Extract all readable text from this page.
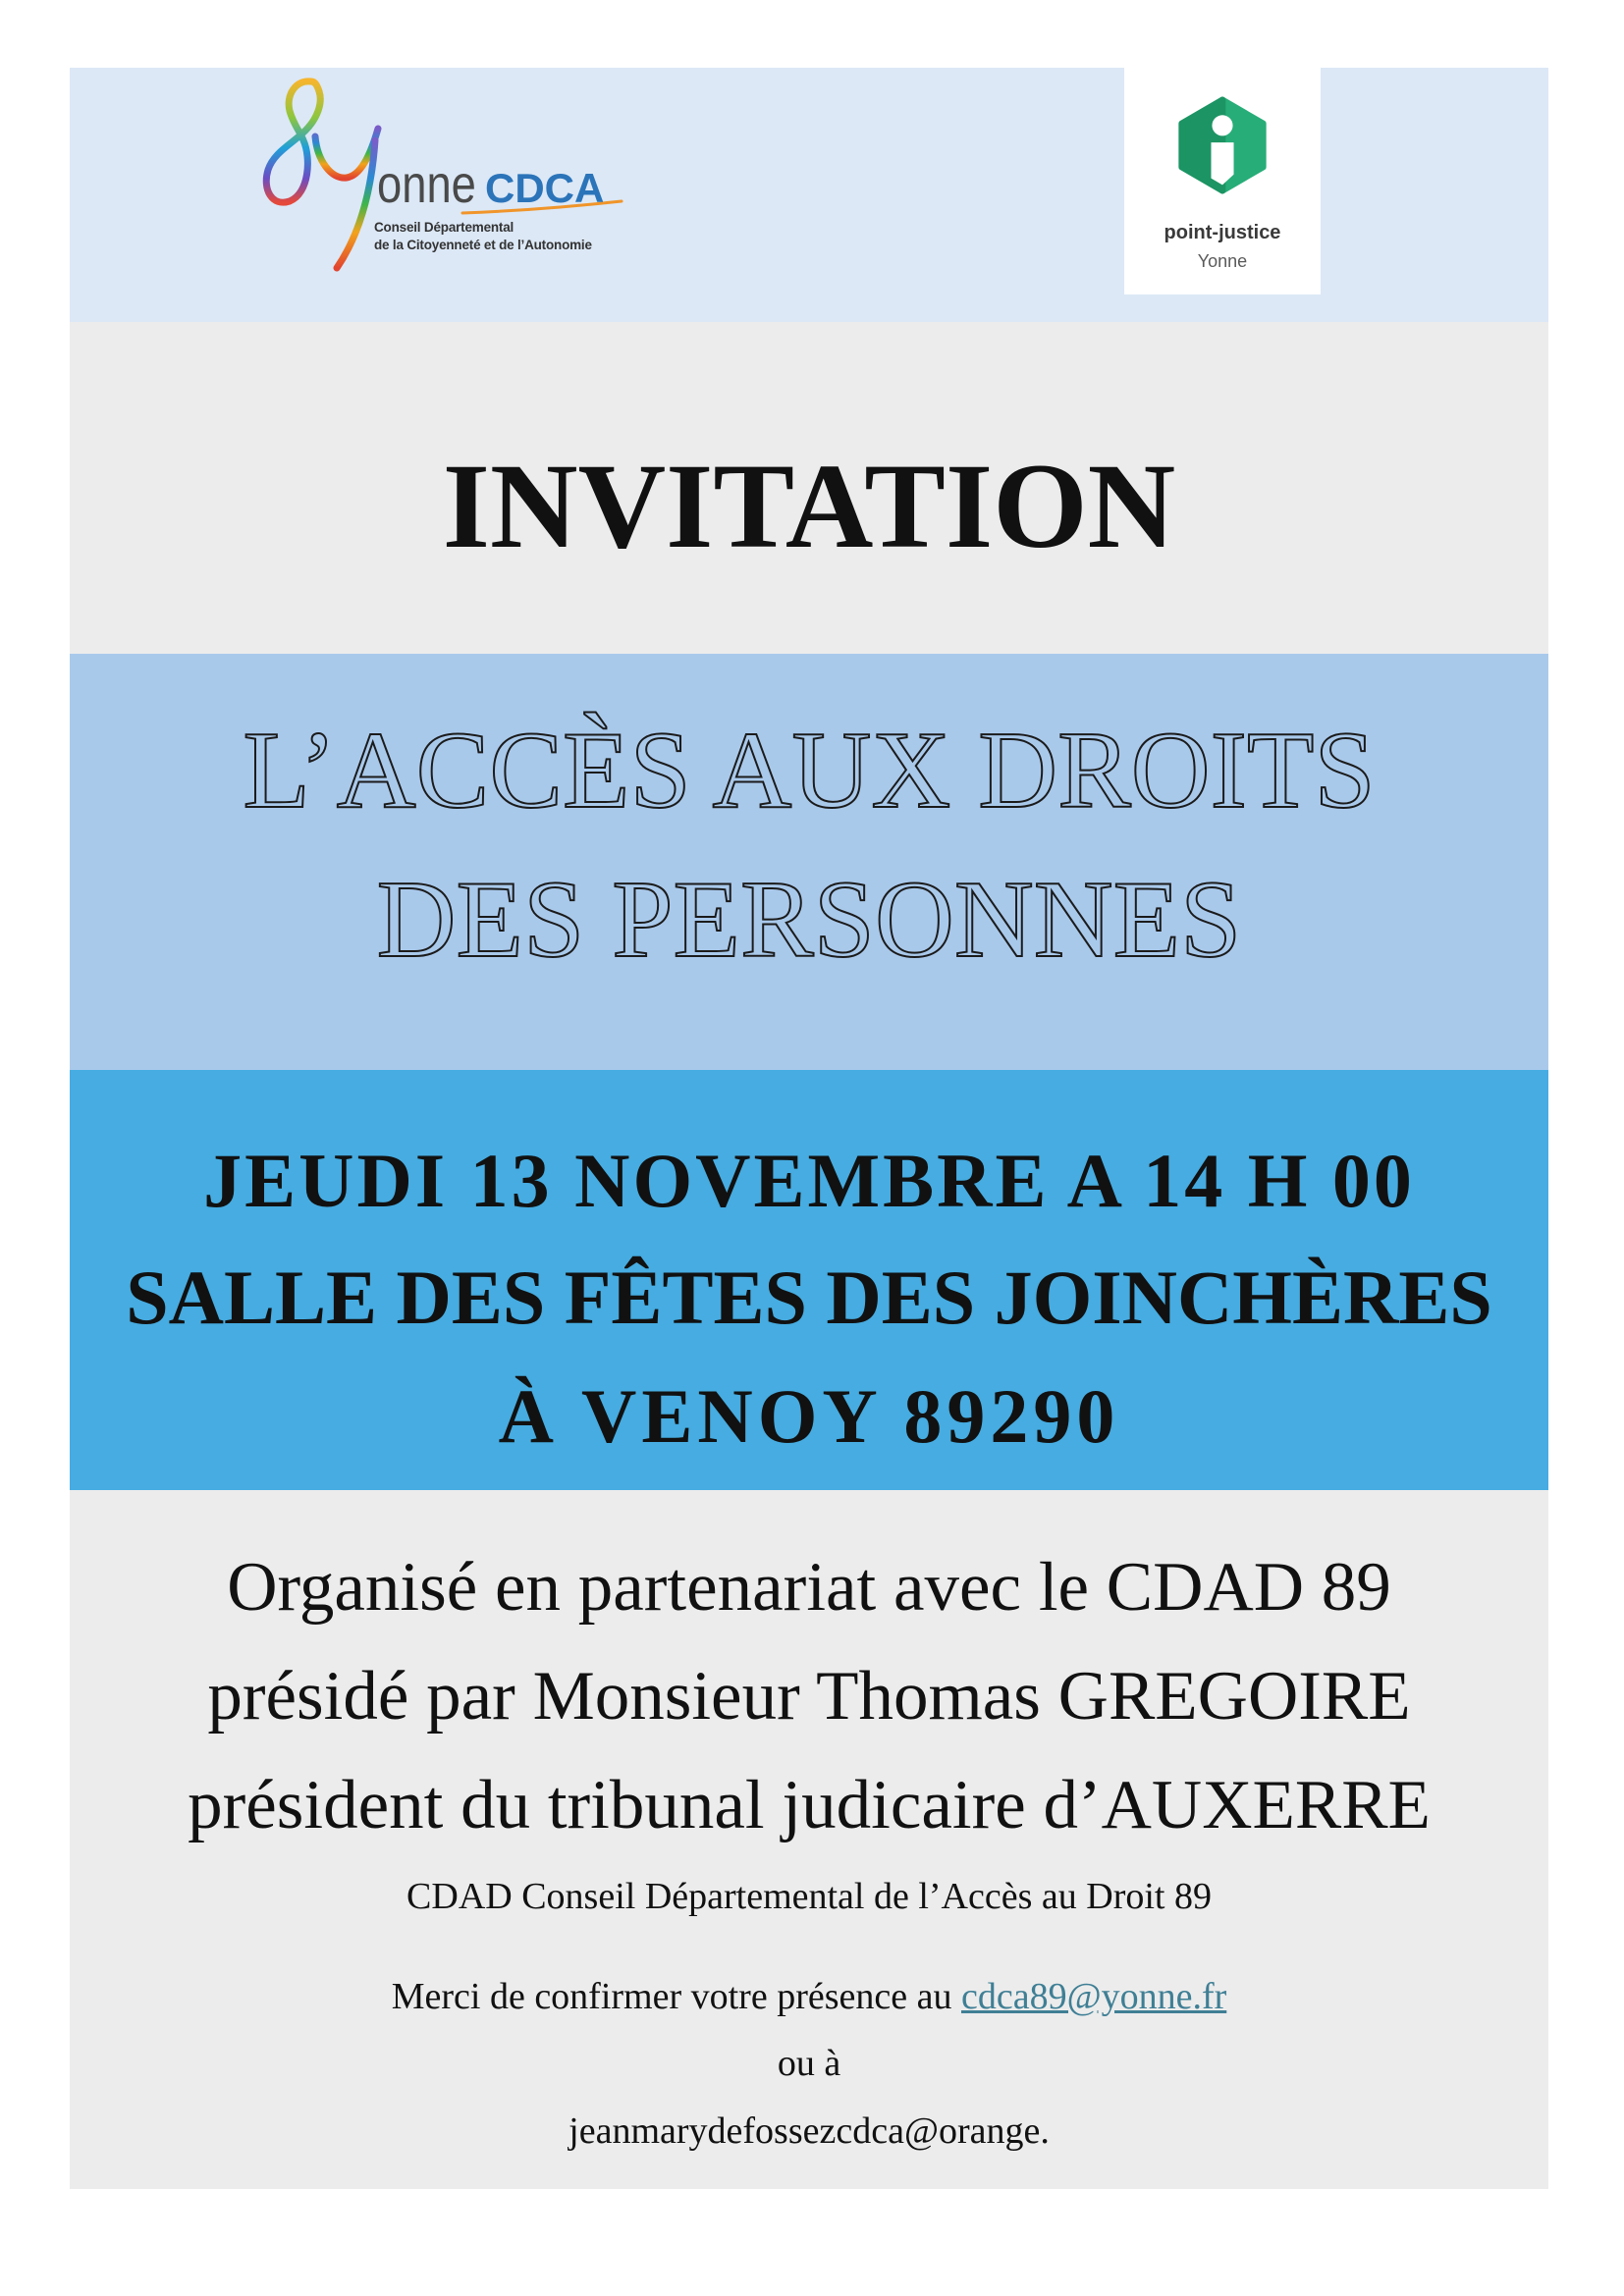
onne CDCA
Conseil Départemental
de la Citoyenneté et de l’Autonomie
point-justice
Yonne
INVITATION
L’ACCÈS AUX DROITS
DES PERSONNES
JEUDI 13 NOVEMBRE A 14 H 00
SALLE DES FÊTES DES JOINCHÈRES
À VENOY 89290
Organisé en partenariat avec le CDAD 89
présidé par Monsieur Thomas GREGOIRE
président du tribunal judicaire d’AUXERRE
CDAD Conseil Départemental de l’Accès au Droit 89
Merci de confirmer votre présence au cdca89@yonne.fr
ou à
jeanmarydefossezcdca@orange.
